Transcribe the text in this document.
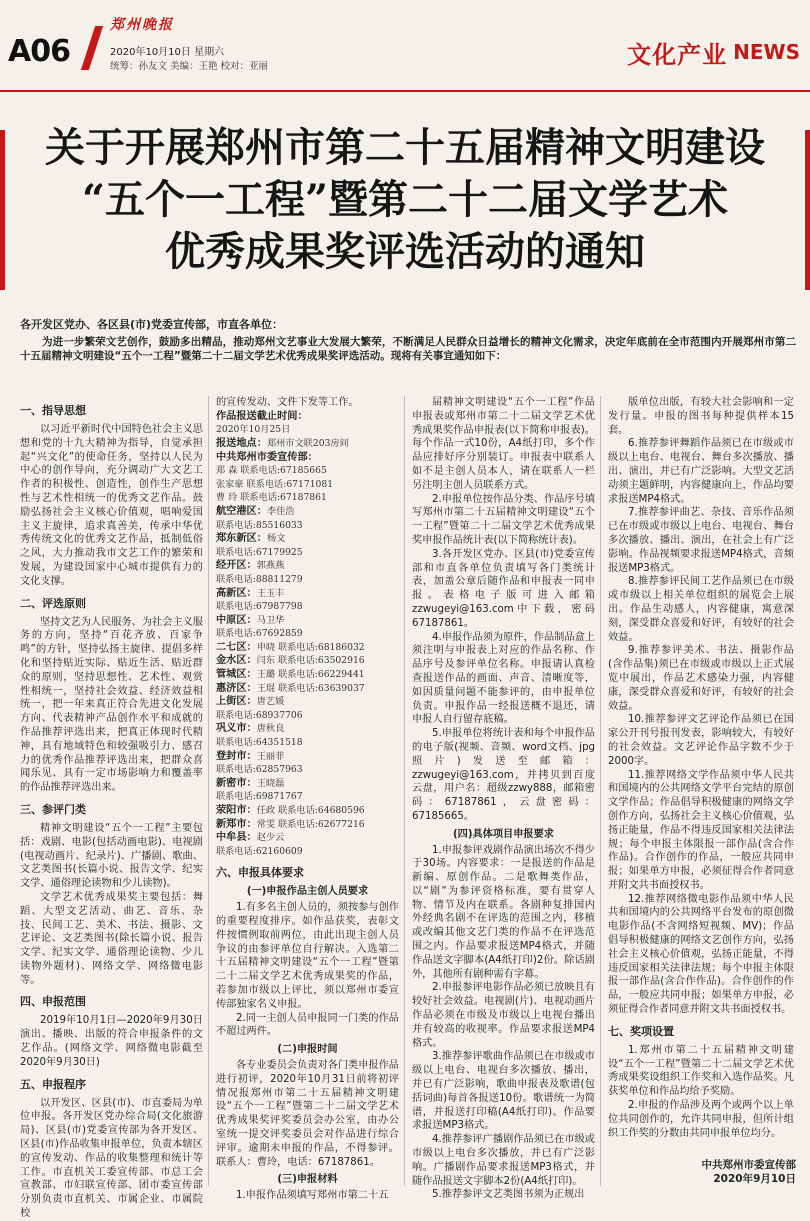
A06
郑州晚报
2020年10月10日 星期六
统筹：孙友文 美编：王艳 校对：亚丽	文化产业 NEWS
关于开展郑州市第二十五届精神文明建设
“五个一工程”暨第二十二届文学艺术
优秀成果奖评选活动的通知
各开发区党办、各区县(市)党委宣传部，市直各单位：
为进一步繁荣文艺创作，鼓励多出精品，推动郑州文艺事业大发展大繁荣，不断满足人民群众日益增长的精神文化需求，决定年底前在全市范围内开展郑州市第二十五届精神文明建设“五个一工程”暨第二十二届文学艺术优秀成果奖评选活动。现将有关事宜通知如下：
一、指导思想

以习近平新时代中国特色社会主义思想和党的十九大精神为指导，自觉承担起“兴文化”的使命任务，坚持以人民为中心的创作导向，充分调动广大文艺工作者的积极性、创造性，创作生产思想性与艺术性相统一的优秀文艺作品。鼓励弘扬社会主义核心价值观，唱响爱国主义主旋律，追求真善美，传承中华优秀传统文化的优秀文艺作品，抵制低俗之风，大力推动我市文艺工作的繁荣和发展，为建设国家中心城市提供有力的文化支撑。

二、评选原则

坚持文艺为人民服务、为社会主义服务的方向，坚持“百花齐放、百家争鸣”的方针，坚持弘扬主旋律、提倡多样化和坚持贴近实际、贴近生活、贴近群众的原则，坚持思想性、艺术性、观赏性相统一，坚持社会效益、经济效益相统一，把一年来真正符合先进文化发展方向、代表精神产品创作水平和成就的作品推荐评选出来，把真正体现时代精神，具有地域特色和较强吸引力、感召力的优秀作品推荐评选出来，把群众喜闻乐见、具有一定市场影响力和覆盖率的作品推荐评选出来。

三、参评门类

精神文明建设“五个一工程”主要包括：戏剧、电影(包括动画电影)、电视剧(电视动画片、纪录片)、广播剧、歌曲、文艺类图书(长篇小说、报告文学、纪实文学、通俗理论读物和少儿读物)。

文学艺术优秀成果奖主要包括：舞蹈、大型文艺活动、曲艺、音乐、杂技、民间工艺、美术、书法、摄影、文艺评论、文艺类图书(除长篇小说、报告文学、纪实文学、通俗理论读物、少儿读物外题材)、网络文学、网络微电影等。

四、申报范围

2019年10月1日—2020年9月30日演出、播映、出版的符合申报条件的文艺作品。(网络文学、网络微电影截至2020年9月30日)

五、申报程序

以开发区、区县(市)、市直委局为单位申报。各开发区党办综合局(文化旅游局)、区县(市)党委宣传部为各开发区、区县(市)作品收集申报单位，负责本辖区的宣传发动、作品的收集整理和统计等工作。市直机关工委宣传部、市总工会宣教部、市妇联宣传部、团市委宣传部分别负责市直机关、市属企业、市属院校

的宣传发动、文件下发等工作。

作品报送截止时间：
2020年10月25日
报送地点：郑州市文联203房间
中共郑州市委宣传部：
郑 森 联系电话:67185665
张家豪 联系电话:67171081
曹 玲 联系电话:67187861
航空港区：李佳浩
联系电话:85516033
郑东新区：杨文
联系电话:67179925
经开区：郭燕燕
联系电话:88811279
高新区：王玉丰
联系电话:67987798
中原区：马卫华
联系电话:67692859
二七区：申晓 联系电话:68186032
金水区：闫东 联系电话:63502916
管城区：王璐 联系电话:66229441
惠济区：王琨 联系电话:63639037
上街区：唐艺媛
联系电话:68937706
巩义市：唐秋良
联系电话:64351518
登封市：王丽菲
联系电话:62857963
新密市：王晓磊
联系电话:69871767
荥阳市：任政 联系电话:64680596
新郑市：常雯 联系电话:62677216
中牟县：赵少云
联系电话:62160609
六、申报具体要求
(一)申报作品主创人员要求

1.有多名主创人员的，须按参与创作的重要程度排序。如作品获奖，表彰文件按惯例取前两位，由此出现主创人员争议的由参评单位自行解决。入选第二十五届精神文明建设“五个一工程”暨第二十二届文学艺术优秀成果奖的作品，若参加市级以上评比，须以郑州市委宣传部独家名义申报。

2.同一主创人员申报同一门类的作品不超过两件。

(二)申报时间

各专业委员会负责对各门类申报作品进行初评，2020年10月31日前将初评情况报郑州市第二十五届精神文明建设“五个一工程”暨第二十二届文学艺术优秀成果奖评奖委员会办公室，由办公室统一提交评奖委员会对作品进行综合评审。逾期未申报的作品，不得参评。联系人：曹玲，电话：67187861。

(三)申报材料

1.申报作品须填写郑州市第二十五

届精神文明建设“五个一工程”作品申报表或郑州市第二十二届文学艺术优秀成果奖作品申报表(以下简称申报表)。每个作品一式10份，A4纸打印，多个作品应排好序分别装订。申报表中联系人如不是主创人员本人，请在联系人一栏另注明主创人员联系方式。

2.申报单位按作品分类、作品序号填写郑州市第二十五届精神文明建设“五个一工程”暨第二十二届文学艺术优秀成果奖申报作品统计表(以下简称统计表)。

3.各开发区党办、区县(市)党委宣传部和市直各单位负责填写各门类统计表，加盖公章后随作品和申报表一同申报。表格电子版可进入邮箱zzwugeyi@163.com中下载，密码67187861。

4.申报作品须为原件，作品制品盒上须注明与申报表上对应的作品名称、作品序号及参评单位名称。申报请认真检查报送作品的画面、声音、清晰度等，如因质量问题不能参评的，由申报单位负责。申报作品一经报送概不退还，请申报人自行留存底稿。

5.申报单位将统计表和每个申报作品的电子版(视频、音频、word文档、jpg照片)发送至邮箱：zzwugeyi@163.com，并拷贝到百度云盘，用户名：超级zzwy888，邮箱密码：67187861，云盘密码：67185665。

(四)具体项目申报要求

1.申报参评戏剧作品演出场次不得少于30场。内容要求：一是报送的作品是新编、原创作品。二是歌舞类作品，以“剧”为参评资格标准，要有贯穿人物、情节及内在联系。各剧种复排国内外经典名剧不在评选的范围之内，移植或改编其他文艺门类的作品不在评选范围之内。作品要求报送MP4格式，并随作品送文字脚本(A4纸打印)2份。除话剧外，其他所有剧种需有字幕。

2.申报参评电影作品必须已放映且有较好社会效益。电视剧(片)、电视动画片作品必须在市级及市级以上电视台播出并有较高的收视率。作品要求报送MP4格式。

3.推荐参评歌曲作品须已在市级或市级以上电台、电视台多次播放、播出，并已有广泛影响，歌曲申报表及歌谱(包括词曲)每首各报送10份。歌谱统一为简谱，并报送打印稿(A4纸打印)。作品要求报送MP3格式。

4.推荐参评广播剧作品须已在市级或市级以上电台多次播放，并已有广泛影响。广播剧作品要求报送MP3格式，并随作品报送文字脚本2份(A4纸打印)。

5.推荐参评文艺类图书须为正规出

版单位出版，有较大社会影响和一定发行量。申报的图书每种提供样本15套。

6.推荐参评舞蹈作品须已在市级或市级以上电台、电视台、舞台多次播放、播出、演出，并已有广泛影响。大型文艺活动须主题鲜明，内容健康向上，作品均要求报送MP4格式。

7.推荐参评曲艺、杂技、音乐作品须已在市级或市级以上电台、电视台、舞台多次播放、播出、演出，在社会上有广泛影响。作品视频要求报送MP4格式，音频报送MP3格式。

8.推荐参评民间工艺作品须已在市级或市级以上相关单位组织的展览会上展出。作品生动感人，内容健康，寓意深刻，深受群众喜爱和好评，有较好的社会效益。

9.推荐参评美术、书法、摄影作品(含作品集)须已在市级或市级以上正式展览中展出，作品艺术感染力强，内容健康，深受群众喜爱和好评，有较好的社会效益。

10.推荐参评文艺评论作品须已在国家公开刊号报刊发表，影响较大，有较好的社会效益。文艺评论作品字数不少于2000字。

11.推荐网络文学作品须中华人民共和国境内的公共网络文学平台完结的原创文学作品；作品倡导积极健康的网络文学创作方向，弘扬社会主义核心价值观，弘扬正能量，作品不得违反国家相关法律法规；每个申报主体限报一部作品(含合作作品)。合作创作的作品，一般应共同申报；如果单方申报，必须征得合作者同意并附文共书面授权书。

12.推荐网络微电影作品须中华人民共和国境内的公共网络平台发布的原创微电影作品(不含网络短视频、MV)；作品倡导积极健康的网络文艺创作方向，弘扬社会主义核心价值观，弘扬正能量，不得违反国家相关法律法规；每个申报主体限报一部作品(含合作作品)。合作创作的作品，一般应共同申报；如果单方申报，必须征得合作者同意并附文共书面授权书。

七、奖项设置

1.郑州市第二十五届精神文明建设“五个一工程”暨第二十二届文学艺术优秀成果奖设组织工作奖和入选作品奖。凡获奖单位和作品均给予奖励。

2.申报的作品涉及两个或两个以上单位共同创作的，允许共同申报，但所计组织工作奖的分数由共同申报单位均分。

中共郑州市委宣传部
2020年9月10日
